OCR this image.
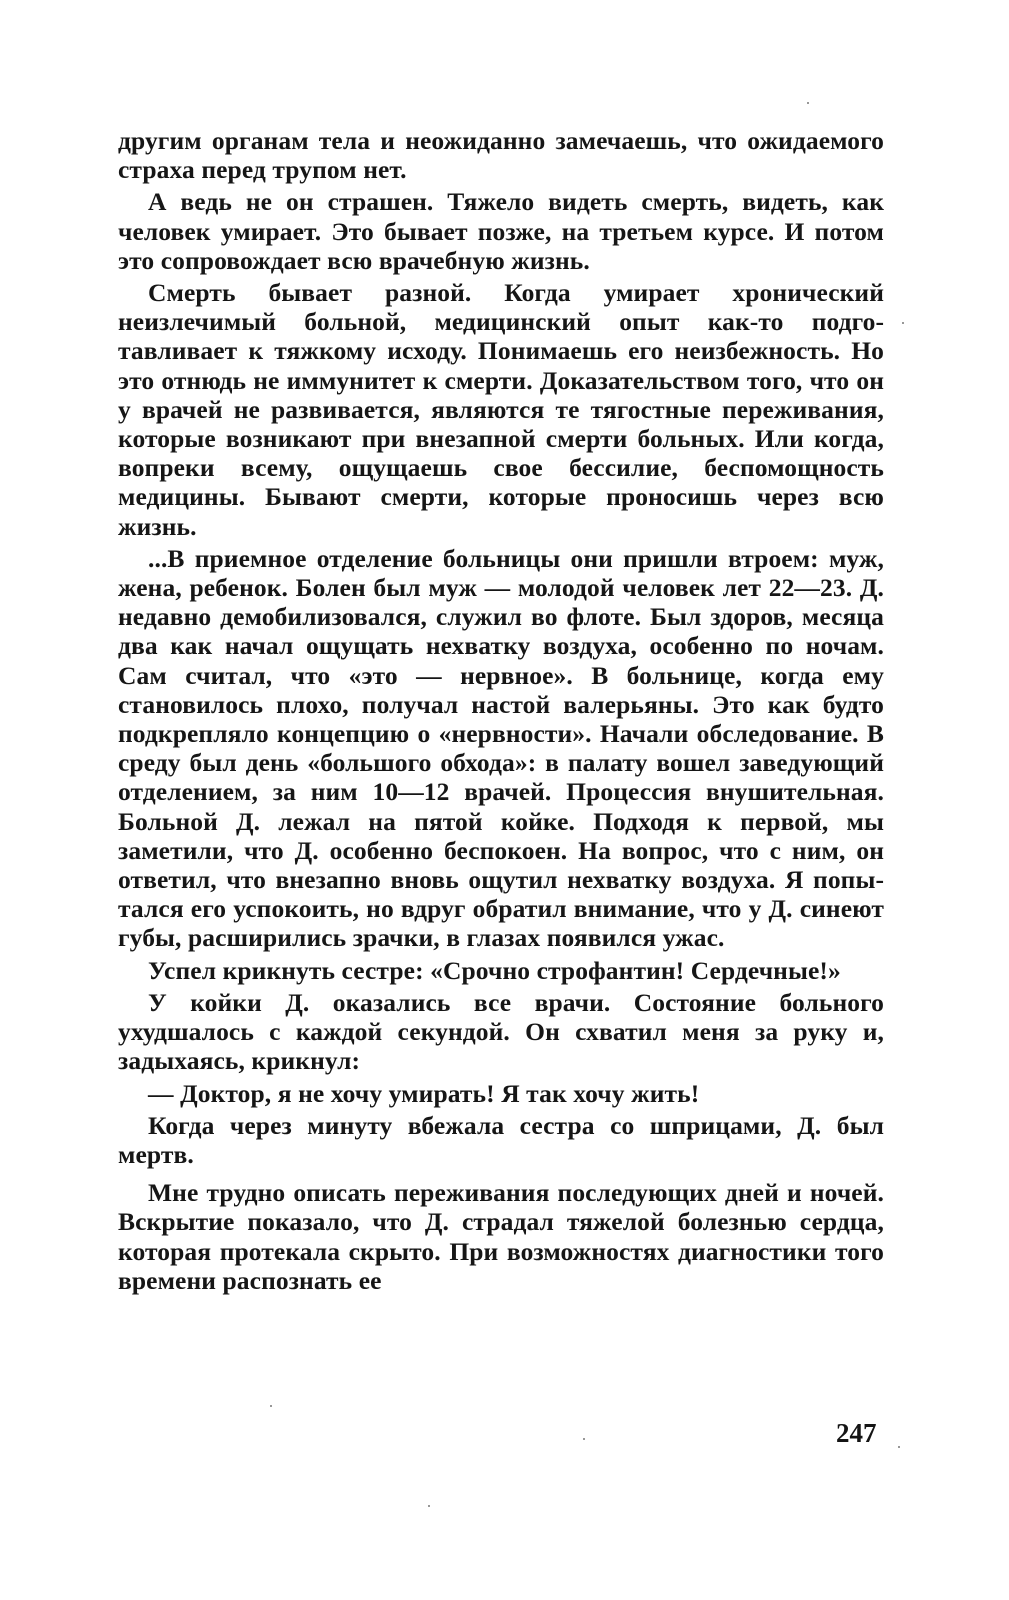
другим органам тела и неожиданно замечаешь, что ожидаемого страха перед трупом нет.

А ведь не он страшен. Тяжело видеть смерть, видеть, как человек умирает. Это бывает позже, на третьем курсе. И потом это сопровождает всю врачебную жизнь.

Смерть бывает разной. Когда умирает хронический неизлечимый больной, медицинский опыт как-то подготавливает к тяжкому исходу. Понимаешь его неизбежность. Но это отнюдь не иммунитет к смерти. Доказательством того, что он у врачей не развивается, являются те тягостные переживания, которые возникают при внезапной смерти больных. Или когда, вопреки всему, ощущаешь свое бессилие, беспомощность медицины. Бывают смерти, которые проносишь через всю жизнь.

...В приемное отделение больницы они пришли втроем: муж, жена, ребенок. Болен был муж — молодой человек лет 22—23. Д. недавно демобилизовался, служил во флоте. Был здоров, месяца два как начал ощущать нехватку воздуха, особенно по ночам. Сам считал, что «это — нервное». В больнице, когда ему становилось плохо, получал настой валерьяны. Это как будто подкрепляло концепцию о «нервности». Начали обследование. В среду был день «большого обхода»: в палату вошел заведующий отделением, за ним 10—12 врачей. Процессия внушительная. Больной Д. лежал на пятой койке. Подходя к первой, мы заметили, что Д. особенно беспокоен. На вопрос, что с ним, он ответил, что внезапно вновь ощутил нехватку воздуха. Я попытался его успокоить, но вдруг обратил внимание, что у Д. синеют губы, расширились зрачки, в глазах появился ужас.

Успел крикнуть сестре: «Срочно строфантин! Сердечные!»

У койки Д. оказались все врачи. Состояние больного ухудшалось с каждой секундой. Он схватил меня за руку и, задыхаясь, крикнул:

— Доктор, я не хочу умирать! Я так хочу жить!

Когда через минуту вбежала сестра со шприцами, Д. был мертв.

Мне трудно описать переживания последующих дней и ночей. Вскрытие показало, что Д. страдал тяжелой болезнью сердца, которая протекала скрыто. При возможностях диагностики того времени распознать ее

247
